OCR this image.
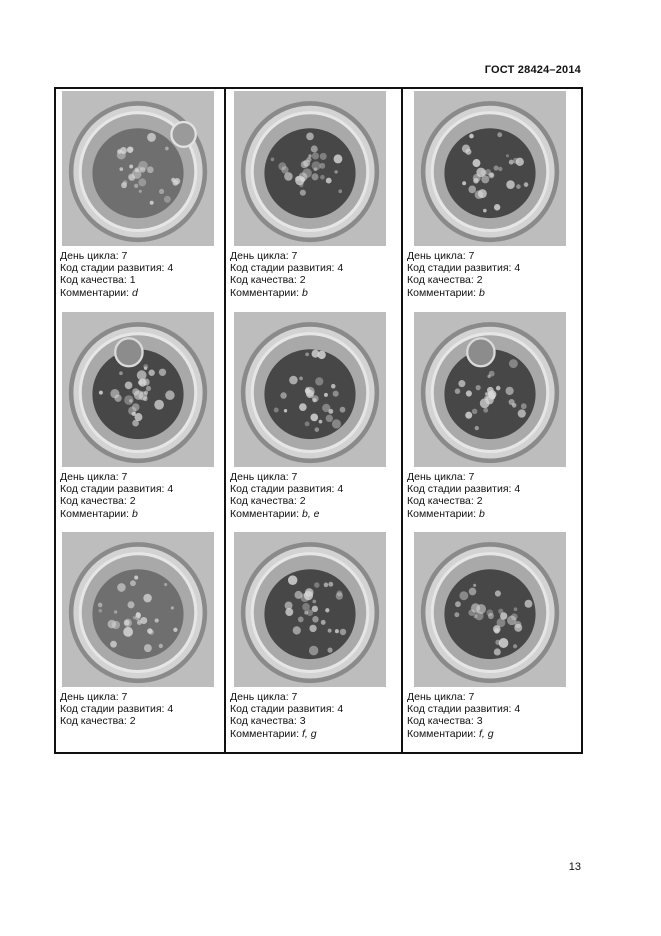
ГОСТ 28424–2014
День цикла: 7
Код стадии развития: 4
Код качества: 1
Комментарии: d
День цикла: 7
Код стадии развития: 4
Код качества: 2
Комментарии: b
День цикла: 7
Код стадии развития: 4
Код качества: 2
Комментарии: b
День цикла: 7
Код стадии развития: 4
Код качества: 2
Комментарии: b
День цикла: 7
Код стадии развития: 4
Код качества: 2
Комментарии: b, e
День цикла: 7
Код стадии развития: 4
Код качества: 2
Комментарии: b
День цикла: 7
Код стадии развития: 4
Код качества: 2
День цикла: 7
Код стадии развития: 4
Код качества: 3
Комментарии: f, g
День цикла: 7
Код стадии развития: 4
Код качества: 3
Комментарии: f, g
13
